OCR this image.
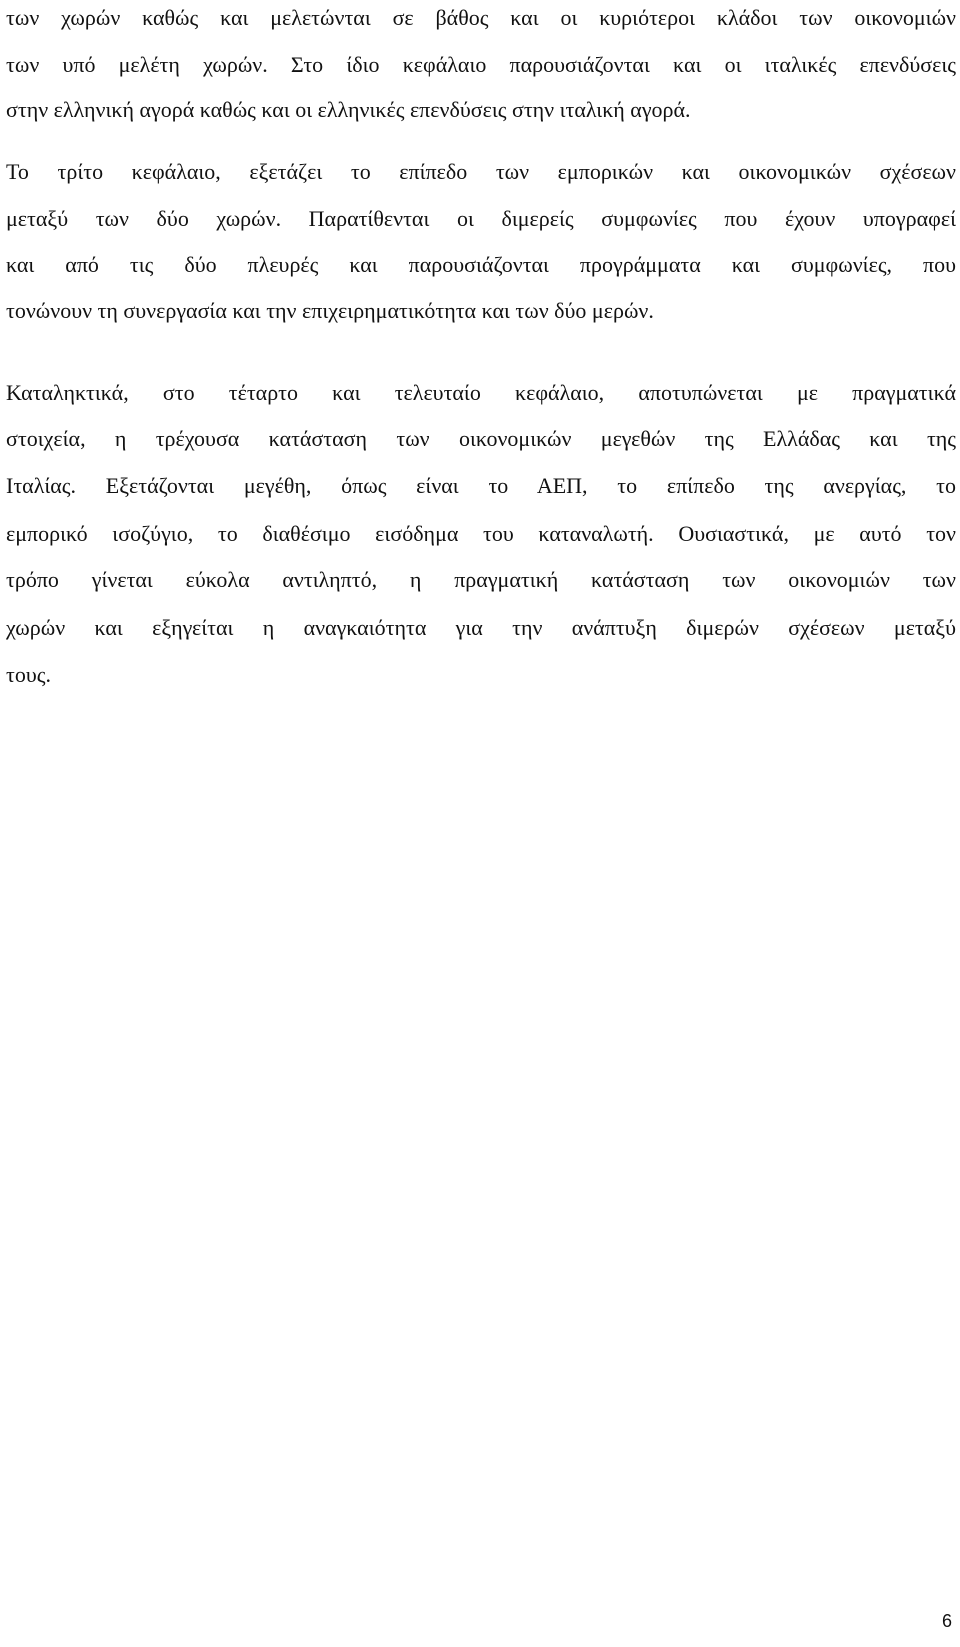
των χωρών καθώς και μελετώνται σε βάθος και οι κυριότεροι κλάδοι των οικονομιών
των υπό μελέτη χωρών. Στο ίδιο κεφάλαιο παρουσιάζονται και οι ιταλικές επενδύσεις
στην ελληνική αγορά καθώς και οι ελληνικές επενδύσεις στην ιταλική αγορά.
Το τρίτο κεφάλαιο, εξετάζει το επίπεδο των εμπορικών και οικονομικών σχέσεων
μεταξύ των δύο χωρών. Παρατίθενται οι διμερείς συμφωνίες που έχουν υπογραφεί
και από τις δύο πλευρές και παρουσιάζονται προγράμματα και συμφωνίες, που
τονώνουν τη συνεργασία και την επιχειρηματικότητα και των δύο μερών.
Καταληκτικά, στο τέταρτο και τελευταίο κεφάλαιο, αποτυπώνεται με πραγματικά
στοιχεία, η τρέχουσα κατάσταση των οικονομικών μεγεθών της Ελλάδας και της
Ιταλίας. Εξετάζονται μεγέθη, όπως είναι το ΑΕΠ, το επίπεδο της ανεργίας, το
εμπορικό ισοζύγιο, το διαθέσιμο εισόδημα του καταναλωτή. Ουσιαστικά, με αυτό τον
τρόπο γίνεται εύκολα αντιληπτό, η πραγματική κατάσταση των οικονομιών των
χωρών και εξηγείται η αναγκαιότητα για την ανάπτυξη διμερών σχέσεων μεταξύ
τους.
6
